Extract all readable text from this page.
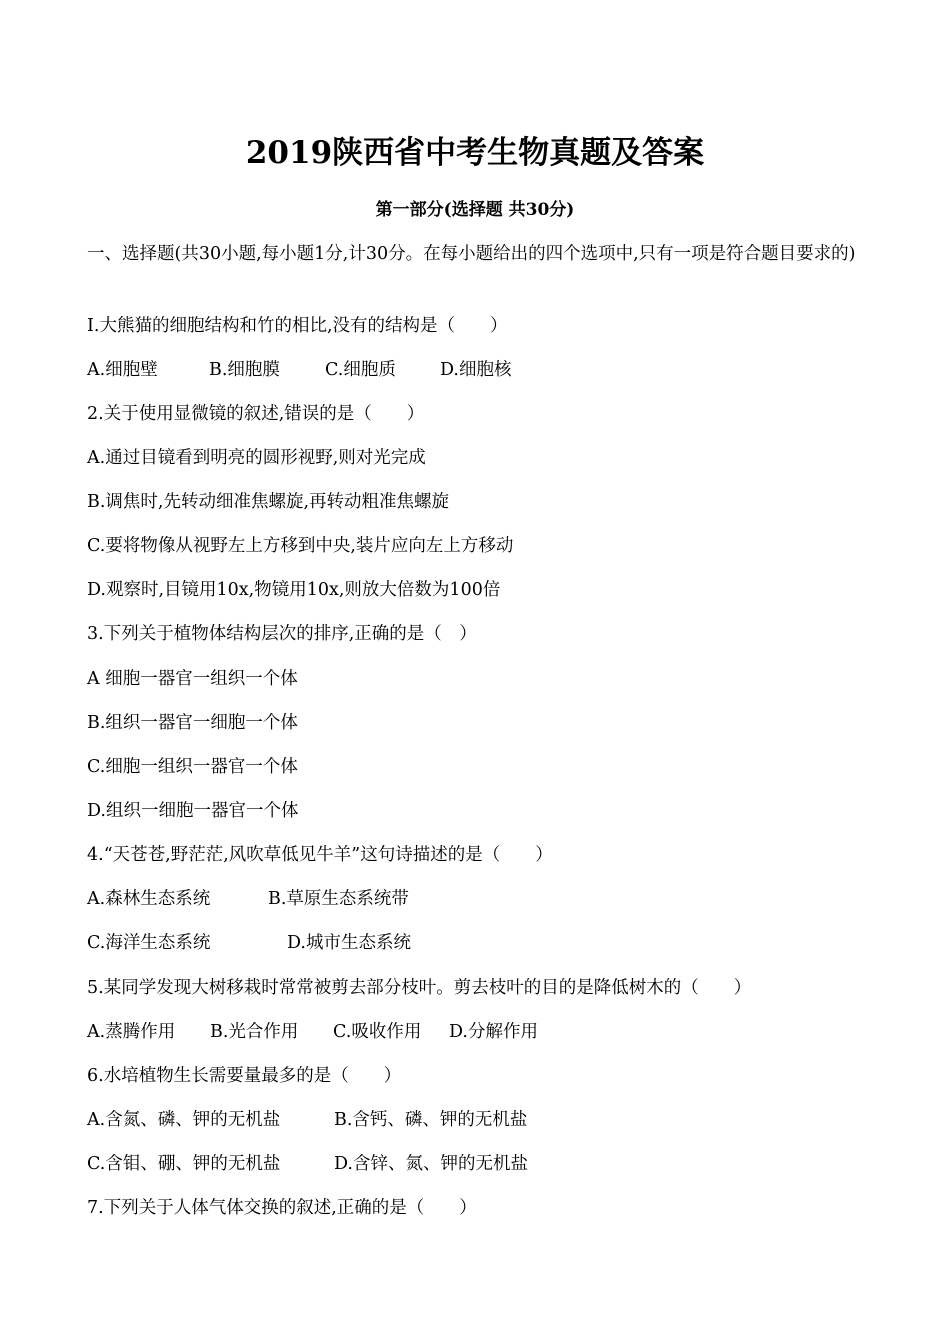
2019陕西省中考生物真题及答案
第一部分(选择题 共30分)
一、选择题(共30小题,每小题1分,计30分。在每小题给出的四个选项中,只有一项是符合题目要求的)
I.大熊猫的细胞结构和竹的相比,没有的结构是（　　）
A.细胞壁	B.细胞膜	C.细胞质	D.细胞核
2.关于使用显微镜的叙述,错误的是（　　）
A.通过目镜看到明亮的圆形视野,则对光完成
B.调焦时,先转动细准焦螺旋,再转动粗准焦螺旋
C.要将物像从视野左上方移到中央,装片应向左上方移动
D.观察时,目镜用10x,物镜用10x,则放大倍数为100倍
3.下列关于植物体结构层次的排序,正确的是（　）
A 细胞一器官一组织一个体
B.组织一器官一细胞一个体
C.细胞一组织一器官一个体
D.组织一细胞一器官一个体
4.“天苍苍,野茫茫,风吹草低见牛羊”这句诗描述的是（　　）
A.森林生态系统	B.草原生态系统带
C.海洋生态系统	D.城市生态系统
5.某同学发现大树移栽时常常被剪去部分枝叶。剪去枝叶的目的是降低树木的（　　）
A.蒸腾作用 B.光合作用 C.吸收作用 D.分解作用
6.水培植物生长需要量最多的是（　　）
A.含氮、磷、钾的无机盐	B.含钙、磷、钾的无机盐
C.含钼、硼、钾的无机盐	D.含锌、氮、钾的无机盐
7.下列关于人体气体交换的叙述,正确的是（　　）
